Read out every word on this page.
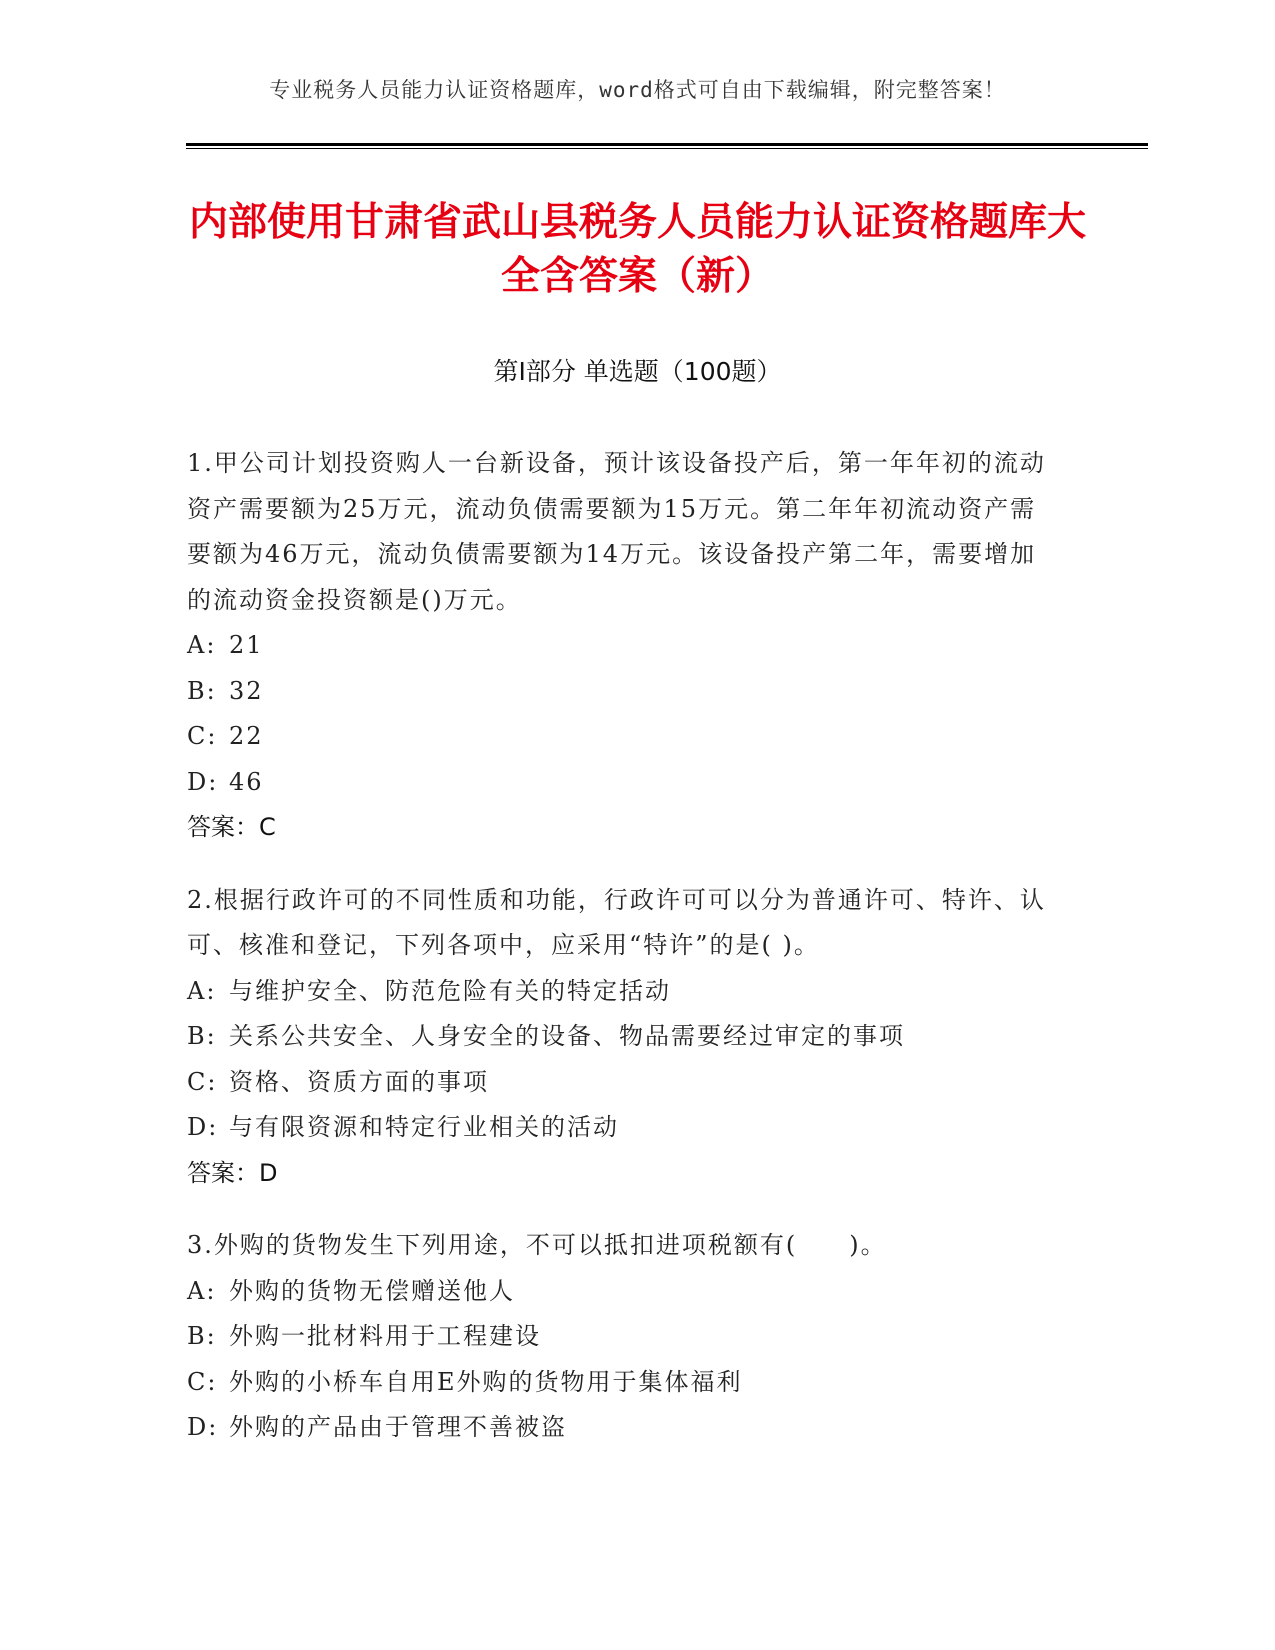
专业税务人员能力认证资格题库，word格式可自由下载编辑，附完整答案！
内部使用甘肃省武山县税务人员能力认证资格题库大全含答案（新）
第Ⅰ部分 单选题（100题）

1.甲公司计划投资购人一台新设备，预计该设备投产后，第一年年初的流动资产需要额为25万元，流动负债需要额为15万元。第二年年初流动资产需要额为46万元，流动负债需要额为14万元。该设备投产第二年，需要增加的流动资金投资额是()万元。

A: 21

B: 32

C: 22

D: 46

答案：C

2.根据行政许可的不同性质和功能，行政许可可以分为普通许可、特许、认可、核准和登记，下列各项中，应采用“特许”的是( )。

A: 与维护安全、防范危险有关的特定括动

B: 关系公共安全、人身安全的设备、物品需要经过审定的事项

C: 资格、资质方面的事项

D: 与有限资源和特定行业相关的活动

答案：D

3.外购的货物发生下列用途，不可以抵扣进项税额有(　　)。

A: 外购的货物无偿赠送他人

B: 外购一批材料用于工程建设

C: 外购的小桥车自用E外购的货物用于集体福利

D: 外购的产品由于管理不善被盗
